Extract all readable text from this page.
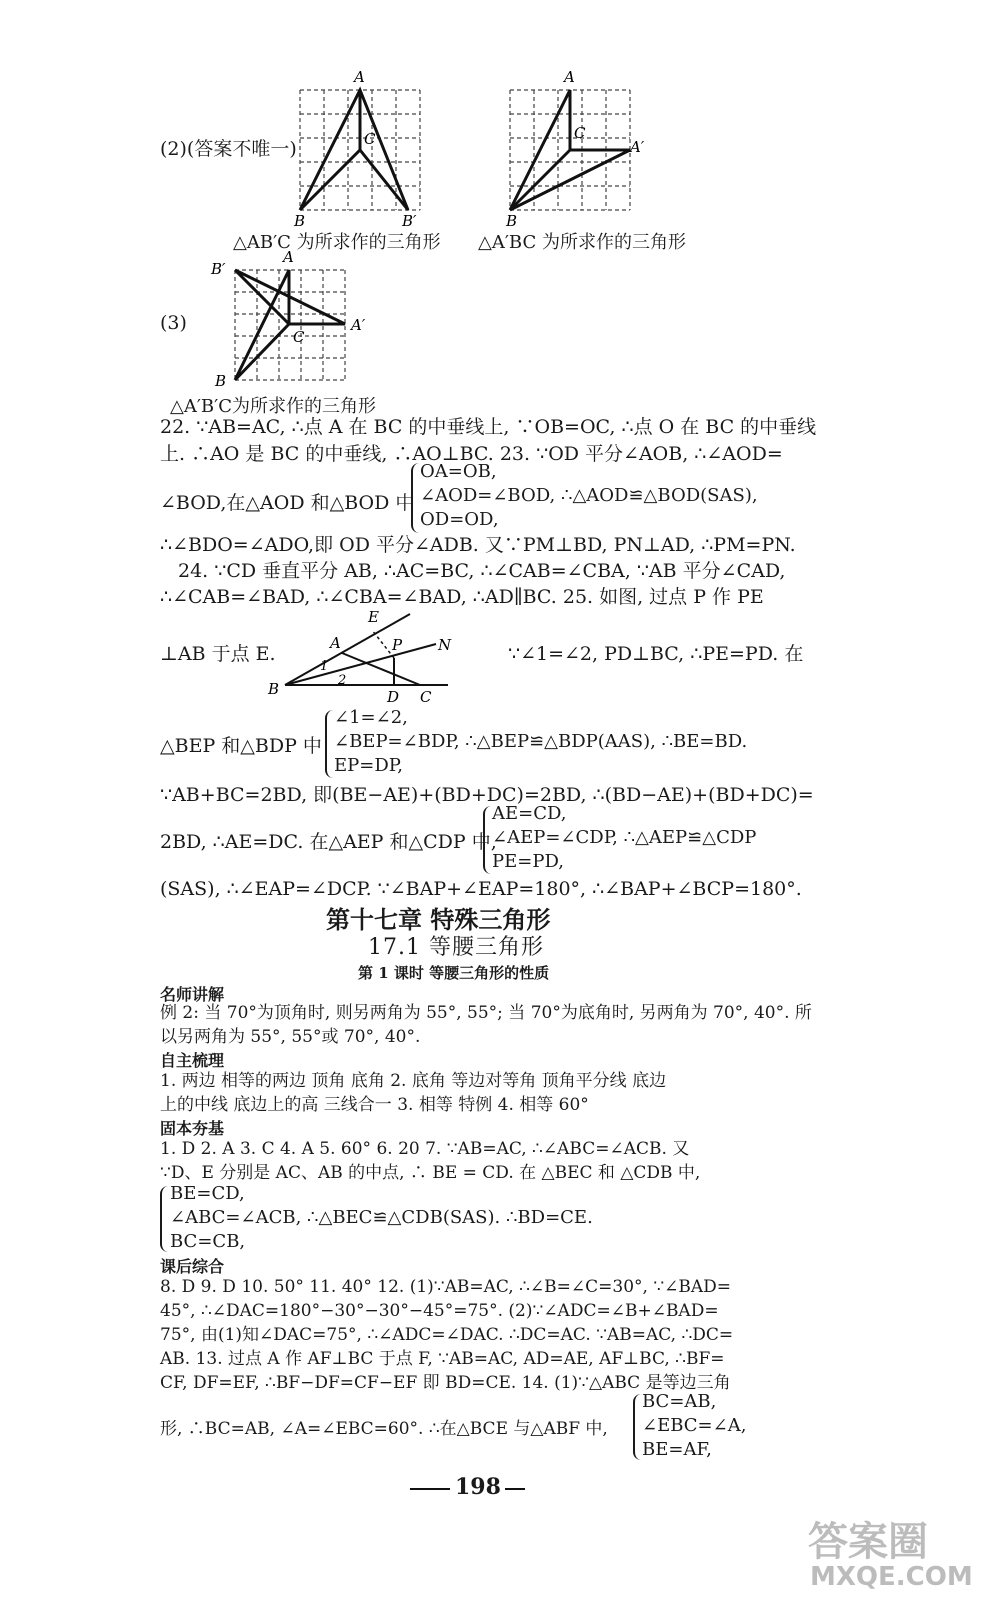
(2)(答案不唯一)
A
C
B	B′
A
C
A′
B
△AB′C 为所求作的三角形 △A′BC 为所求作的三角形
(3)
A
B′
A′
C
B
△A′B′C为所求作的三角形
22. ∵AB=AC, ∴点 A 在 BC 的中垂线上, ∵OB=OC, ∴点 O 在 BC 的中垂线
上. ∴AO 是 BC 的中垂线, ∴AO⊥BC. 23. ∵OD 平分∠AOB, ∴∠AOD=
∠BOD,在△AOD 和△BOD 中
OA=OB,
∠AOD=∠BOD, ∴△AOD≌△BOD(SAS),
OD=OD,
∴∠BDO=∠ADO,即 OD 平分∠ADB. 又∵PM⊥BD, PN⊥AD, ∴PM=PN.
24. ∵CD 垂直平分 AB, ∴AC=BC, ∴∠CAB=∠CBA, ∵AB 平分∠CAD,
∴∠CAB=∠BAD, ∴∠CBA=∠BAD, ∴AD∥BC. 25. 如图, 过点 P 作 PE
⊥AB 于点 E.
E
A	P N
B	D C
1
2
∵∠1=∠2, PD⊥BC, ∴PE=PD. 在
△BEP 和△BDP 中
∠1=∠2,
∠BEP=∠BDP, ∴△BEP≌△BDP(AAS), ∴BE=BD.
EP=DP,
∵AB+BC=2BD, 即(BE−AE)+(BD+DC)=2BD, ∴(BD−AE)+(BD+DC)=
2BD, ∴AE=DC. 在△AEP 和△CDP 中,
AE=CD,
∠AEP=∠CDP, ∴△AEP≌△CDP
PE=PD,
(SAS), ∴∠EAP=∠DCP. ∵∠BAP+∠EAP=180°, ∴∠BAP+∠BCP=180°.
第十七章 特殊三角形
17.1 等腰三角形
第 1 课时 等腰三角形的性质
名师讲解
例 2: 当 70°为顶角时, 则另两角为 55°, 55°; 当 70°为底角时, 另两角为 70°, 40°. 所
以另两角为 55°, 55°或 70°, 40°.
自主梳理
1. 两边 相等的两边 顶角 底角 2. 底角 等边对等角 顶角平分线 底边
上的中线 底边上的高 三线合一 3. 相等 特例 4. 相等 60°
固本夯基
1. D 2. A 3. C 4. A 5. 60° 6. 20 7. ∵AB=AC, ∴∠ABC=∠ACB. 又
∵D、E 分别是 AC、AB 的中点, ∴ BE = CD. 在 △BEC 和 △CDB 中,
BE=CD,
∠ABC=∠ACB, ∴△BEC≌△CDB(SAS). ∴BD=CE.
BC=CB,
课后综合
8. D 9. D 10. 50° 11. 40° 12. (1)∵AB=AC, ∴∠B=∠C=30°, ∵∠BAD=
45°, ∴∠DAC=180°−30°−30°−45°=75°. (2)∵∠ADC=∠B+∠BAD=
75°, 由(1)知∠DAC=75°, ∴∠ADC=∠DAC. ∴DC=AC. ∵AB=AC, ∴DC=
AB. 13. 过点 A 作 AF⊥BC 于点 F, ∵AB=AC, AD=AE, AF⊥BC, ∴BF=
CF, DF=EF, ∴BF−DF=CF−EF 即 BD=CE. 14. (1)∵△ABC 是等边三角
形, ∴BC=AB, ∠A=∠EBC=60°. ∴在△BCE 与△ABF 中,
BC=AB,
∠EBC=∠A,
BE=AF,
198
答案圈
MXQE.COM
